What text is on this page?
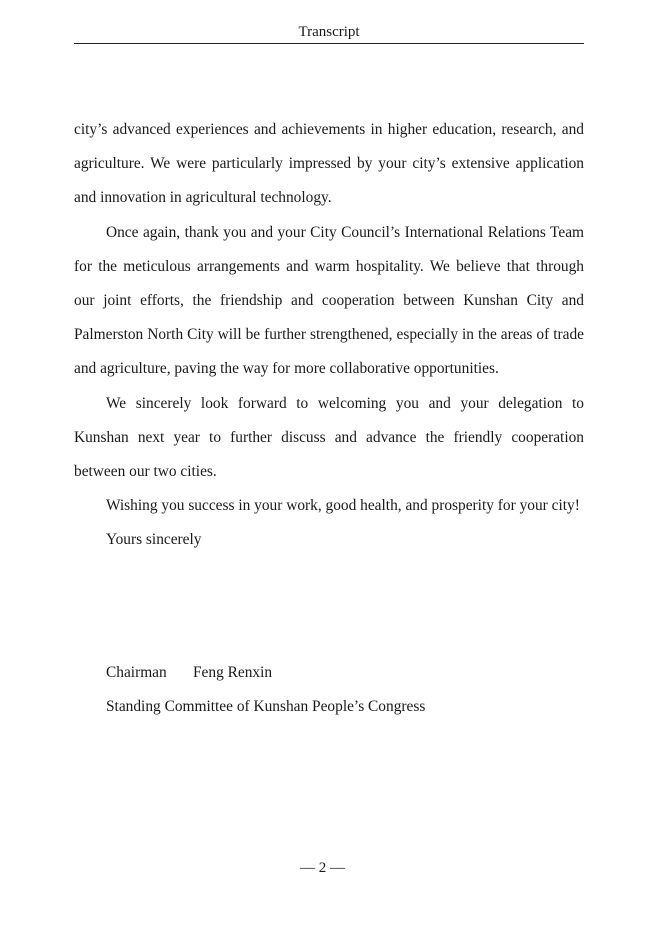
Transcript

city’s advanced experiences and achievements in higher education, research, and agriculture. We were particularly impressed by your city’s extensive application and innovation in agricultural technology.

Once again, thank you and your City Council’s International Relations Team for the meticulous arrangements and warm hospitality. We believe that through our joint efforts, the friendship and cooperation between Kunshan City and Palmerston North City will be further strengthened, especially in the areas of trade and agriculture, paving the way for more collaborative opportunities.

We sincerely look forward to welcoming you and your delegation to Kunshan next year to further discuss and advance the friendly cooperation between our two cities.

Wishing you success in your work, good health, and prosperity for your city!

Yours sincerely

Chairman Feng Renxin

Standing Committee of Kunshan People’s Congress

— 2 —
